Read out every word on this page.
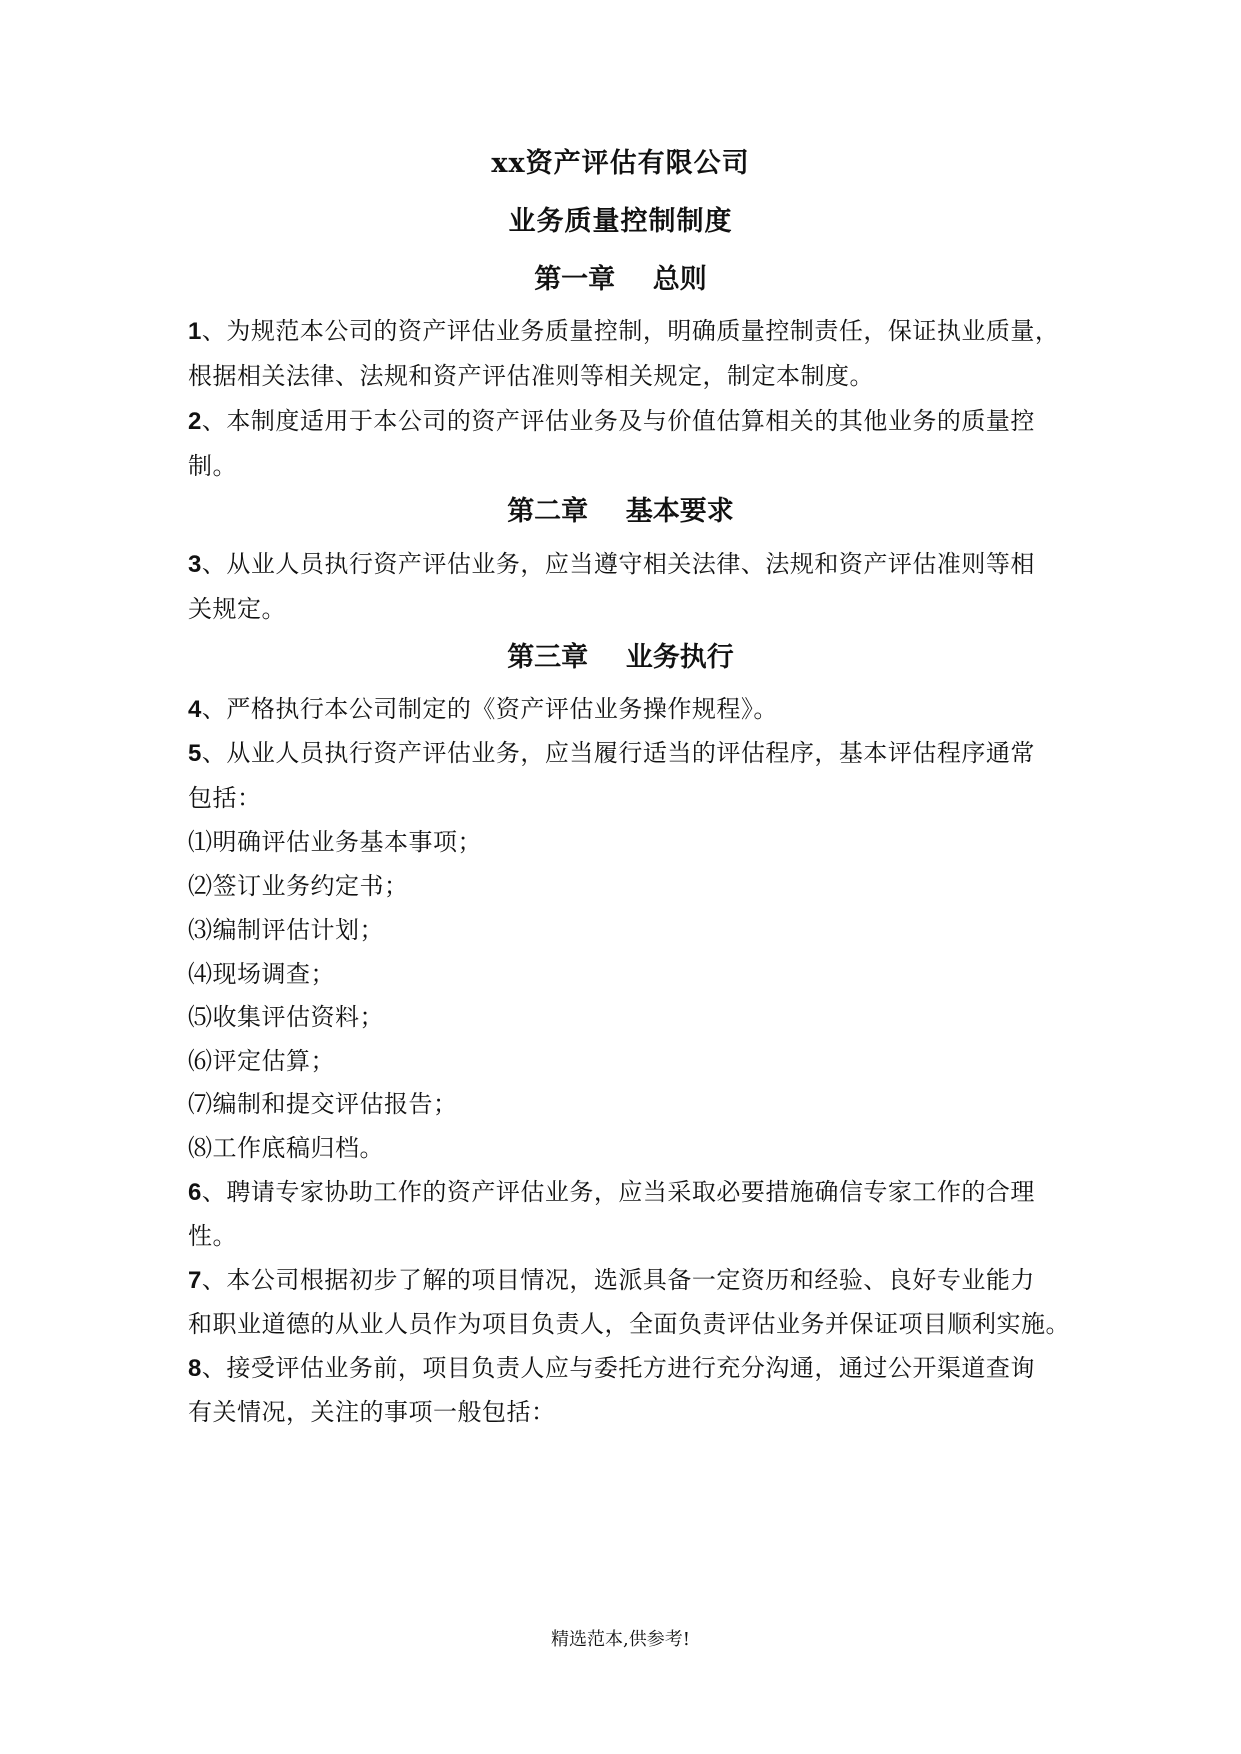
xx资产评估有限公司
业务质量控制制度
第一章    总则
1、为规范本公司的资产评估业务质量控制，明确质量控制责任，保证执业质量，
根据相关法律、法规和资产评估准则等相关规定，制定本制度。
2、本制度适用于本公司的资产评估业务及与价值估算相关的其他业务的质量控
制。
第二章    基本要求
3、从业人员执行资产评估业务，应当遵守相关法律、法规和资产评估准则等相
关规定。
第三章    业务执行
4、严格执行本公司制定的《资产评估业务操作规程》。
5、从业人员执行资产评估业务，应当履行适当的评估程序，基本评估程序通常
包括：
⑴明确评估业务基本事项；
⑵签订业务约定书；
⑶编制评估计划；
⑷现场调查；
⑸收集评估资料；
⑹评定估算；
⑺编制和提交评估报告；
⑻工作底稿归档。
6、聘请专家协助工作的资产评估业务，应当采取必要措施确信专家工作的合理
性。
7、本公司根据初步了解的项目情况，选派具备一定资历和经验、良好专业能力
和职业道德的从业人员作为项目负责人，全面负责评估业务并保证项目顺利实施。
8、接受评估业务前，项目负责人应与委托方进行充分沟通，通过公开渠道查询
有关情况，关注的事项一般包括：
精选范本,供参考!
